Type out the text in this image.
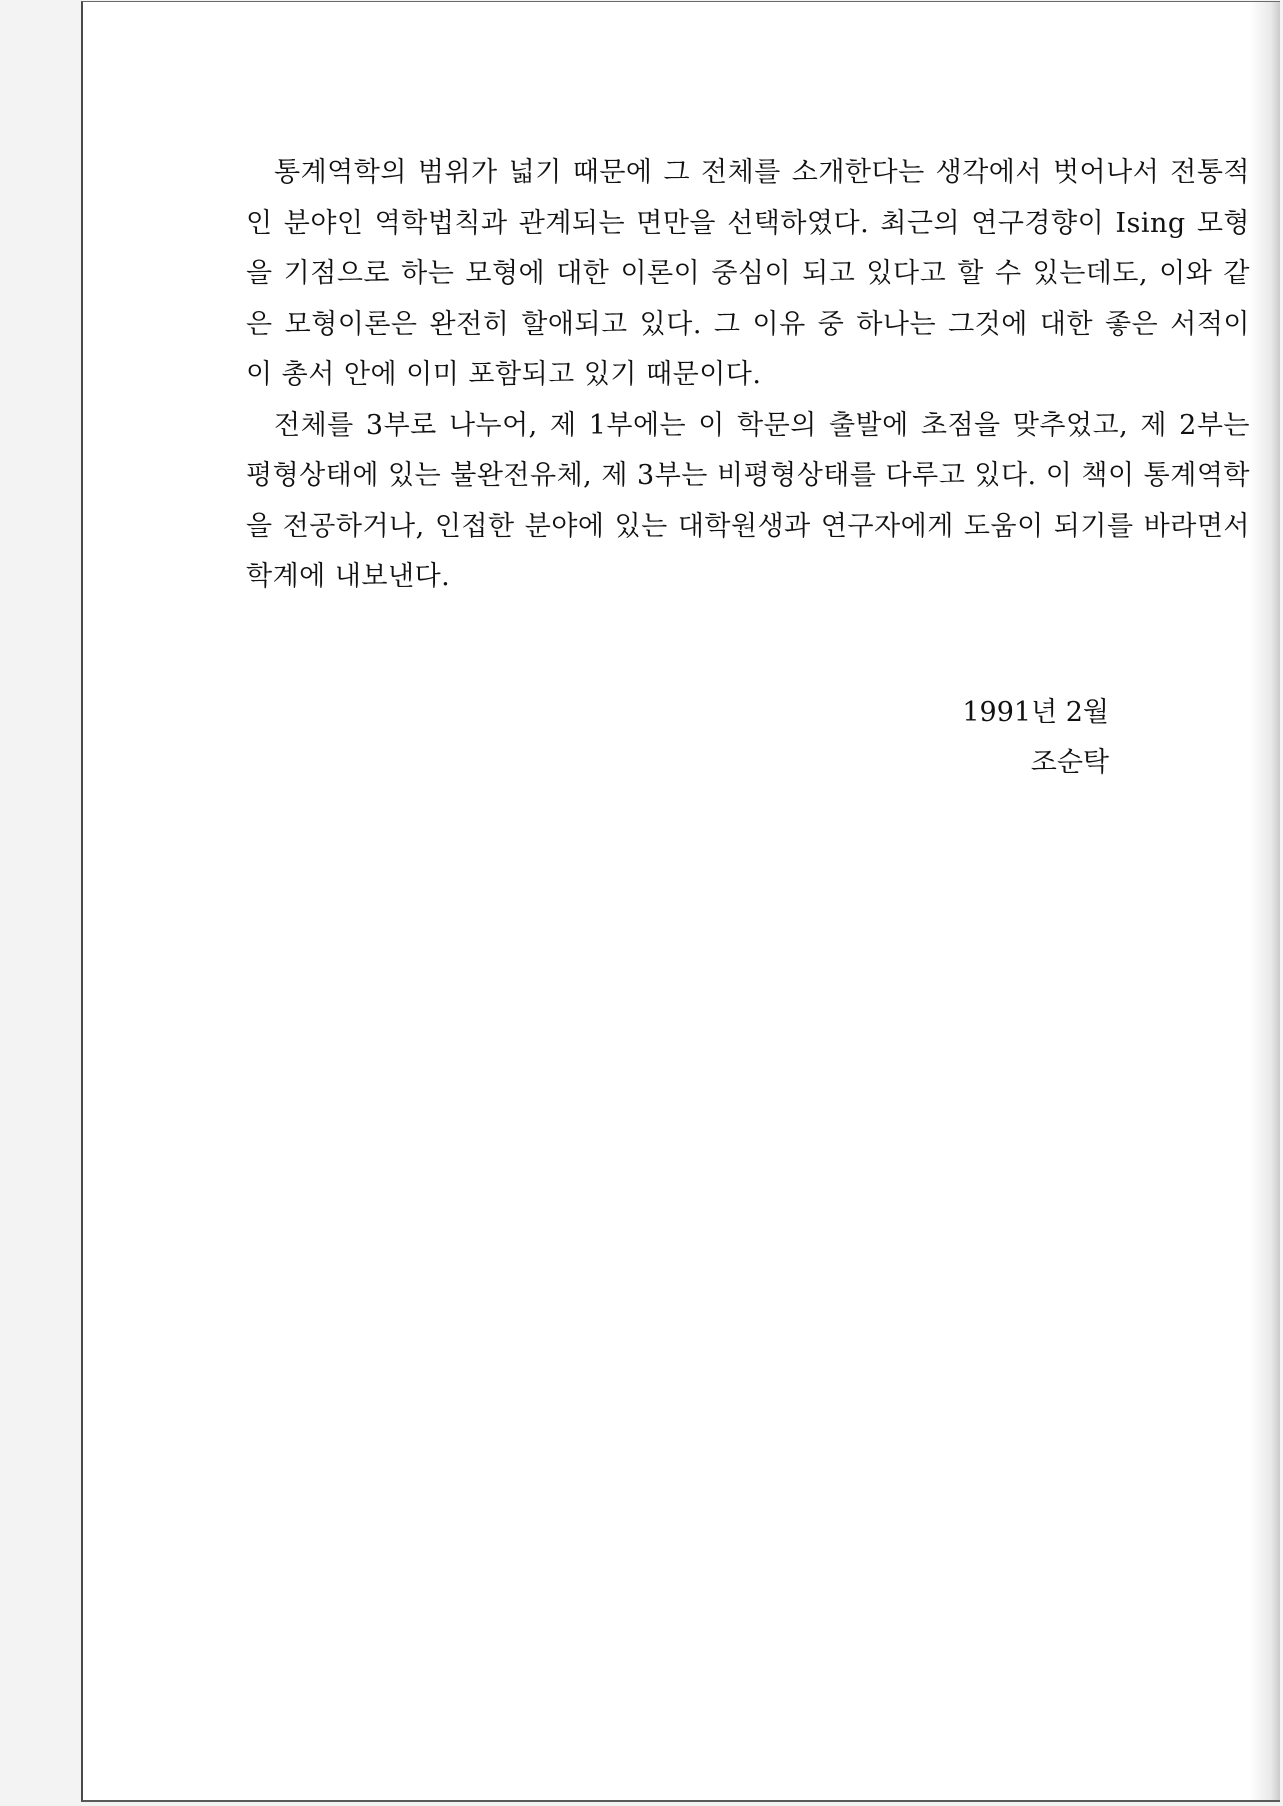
통계역학의 범위가 넓기 때문에 그 전체를 소개한다는 생각에서 벗어나서 전통적인 분야인 역학법칙과 관계되는 면만을 선택하였다. 최근의 연구경향이 Ising 모형을 기점으로 하는 모형에 대한 이론이 중심이 되고 있다고 할 수 있는데도, 이와 같은 모형이론은 완전히 할애되고 있다. 그 이유 중 하나는 그것에 대한 좋은 서적이 이 총서 안에 이미 포함되고 있기 때문이다.

전체를 3부로 나누어, 제 1부에는 이 학문의 출발에 초점을 맞추었고, 제 2부는 평형상태에 있는 불완전유체, 제 3부는 비평형상태를 다루고 있다. 이 책이 통계역학을 전공하거나, 인접한 분야에 있는 대학원생과 연구자에게 도움이 되기를 바라면서 학계에 내보낸다.

1991년 2월
조순탁
